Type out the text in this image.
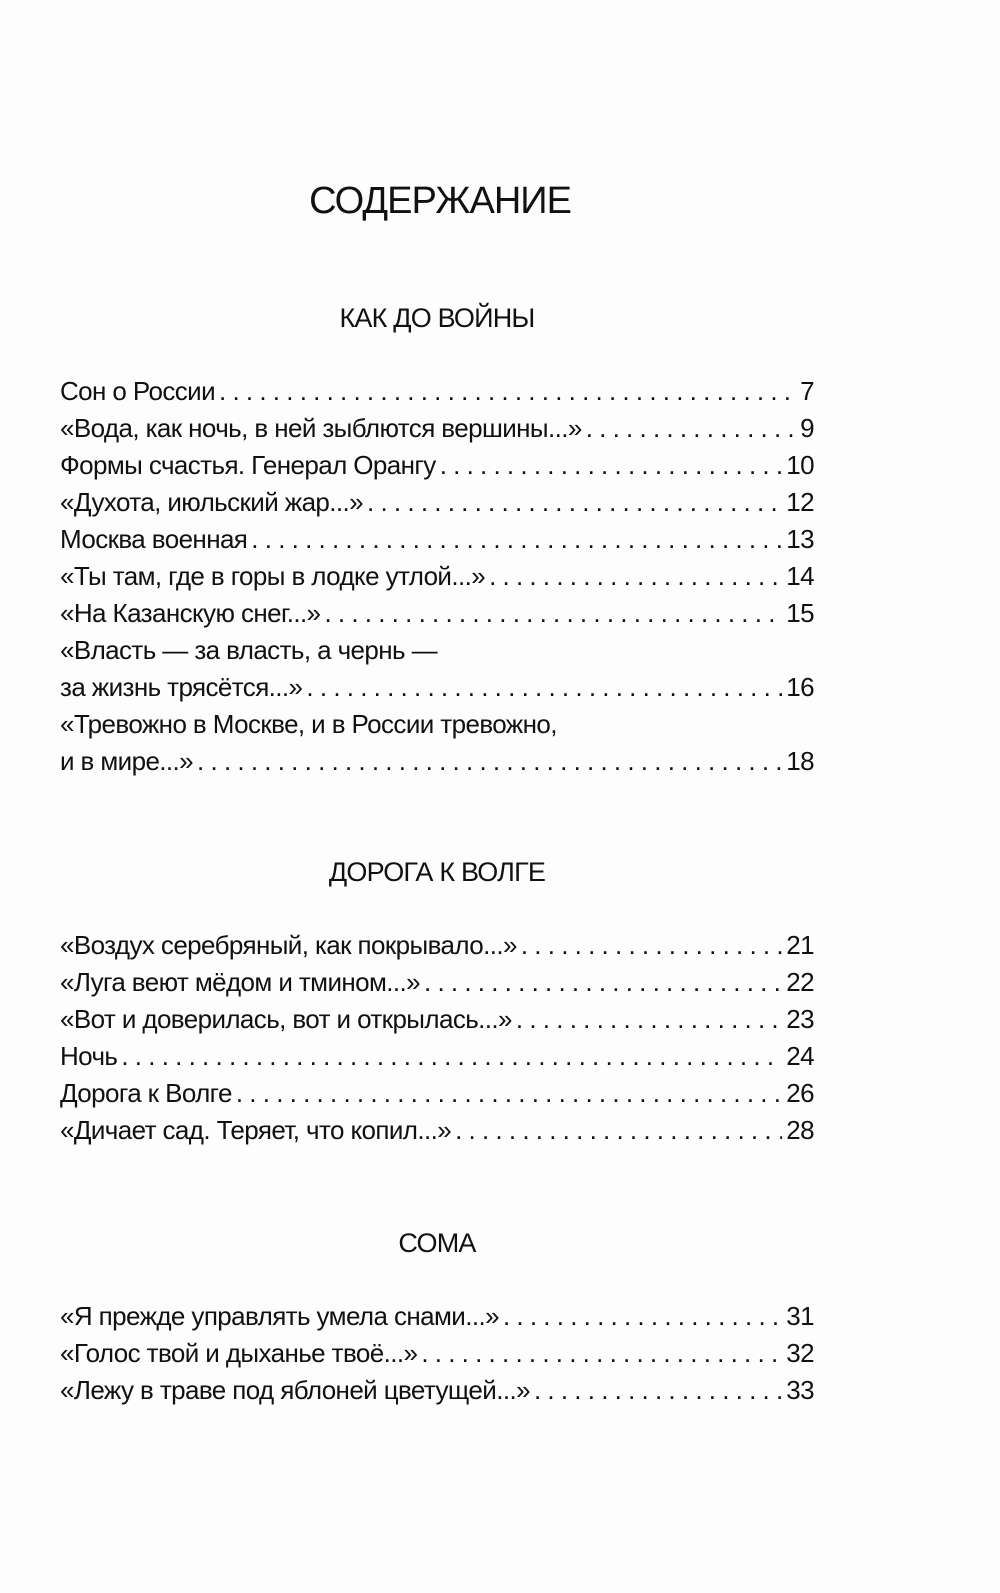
СОДЕРЖАНИЕ
КАК ДО ВОЙНЫ
Сон о России . . .	7
«Вода, как ночь, в ней зыблются вершины...» . . .	9
Формы счастья. Генерал Орангу . . .	10
«Духота, июльский жар...» . . .	12
Москва военная . . .	13
«Ты там, где в горы в лодке утлой...» . . .	14
«На Казанскую снег...» . . .	15
«Власть — за власть, а чернь —
за жизнь трясётся...» . . .	16
«Тревожно в Москве, и в России тревожно,
и в мире...» . . .	18
ДОРОГА К ВОЛГЕ
«Воздух серебряный, как покрывало...» . . .	21
«Луга веют мёдом и тмином...» . . .	22
«Вот и доверилась, вот и открылась...» . . .	23
Ночь . . .	24
Дорога к Волге . . .	26
«Дичает сад. Теряет, что копил...» . . .	28
СОМА
«Я прежде управлять умела снами...» . . .	31
«Голос твой и дыханье твоё...» . . .	32
«Лежу в траве под яблоней цветущей...» . . .	33
